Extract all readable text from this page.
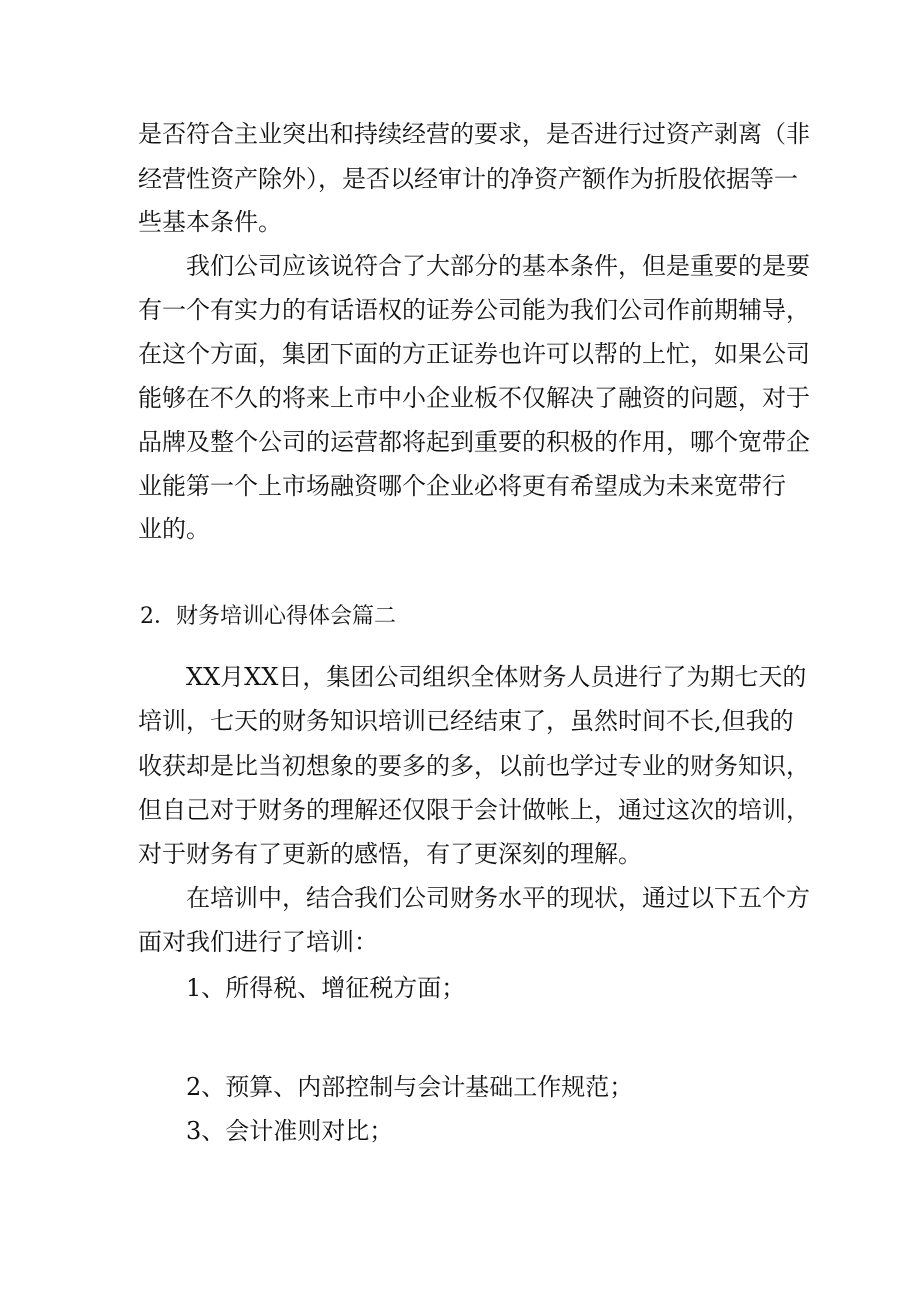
是否符合主业突出和持续经营的要求，是否进行过资产剥离（非

经营性资产除外），是否以经审计的净资产额作为折股依据等一

些基本条件。

我们公司应该说符合了大部分的基本条件，但是重要的是要

有一个有实力的有话语权的证券公司能为我们公司作前期辅导，

在这个方面，集团下面的方正证券也许可以帮的上忙，如果公司

能够在不久的将来上市中小企业板不仅解决了融资的问题，对于

品牌及整个公司的运营都将起到重要的积极的作用，哪个宽带企

业能第一个上市场融资哪个企业必将更有希望成为未来宽带行

业的。

2．财务培训心得体会篇二

XX月XX日，集团公司组织全体财务人员进行了为期七天的

培训，七天的财务知识培训已经结束了，虽然时间不长,但我的

收获却是比当初想象的要多的多，以前也学过专业的财务知识，

但自己对于财务的理解还仅限于会计做帐上，通过这次的培训，

对于财务有了更新的感悟，有了更深刻的理解。

在培训中，结合我们公司财务水平的现状，通过以下五个方

面对我们进行了培训：

1、所得税、增征税方面；

2、预算、内部控制与会计基础工作规范；

3、会计准则对比；
